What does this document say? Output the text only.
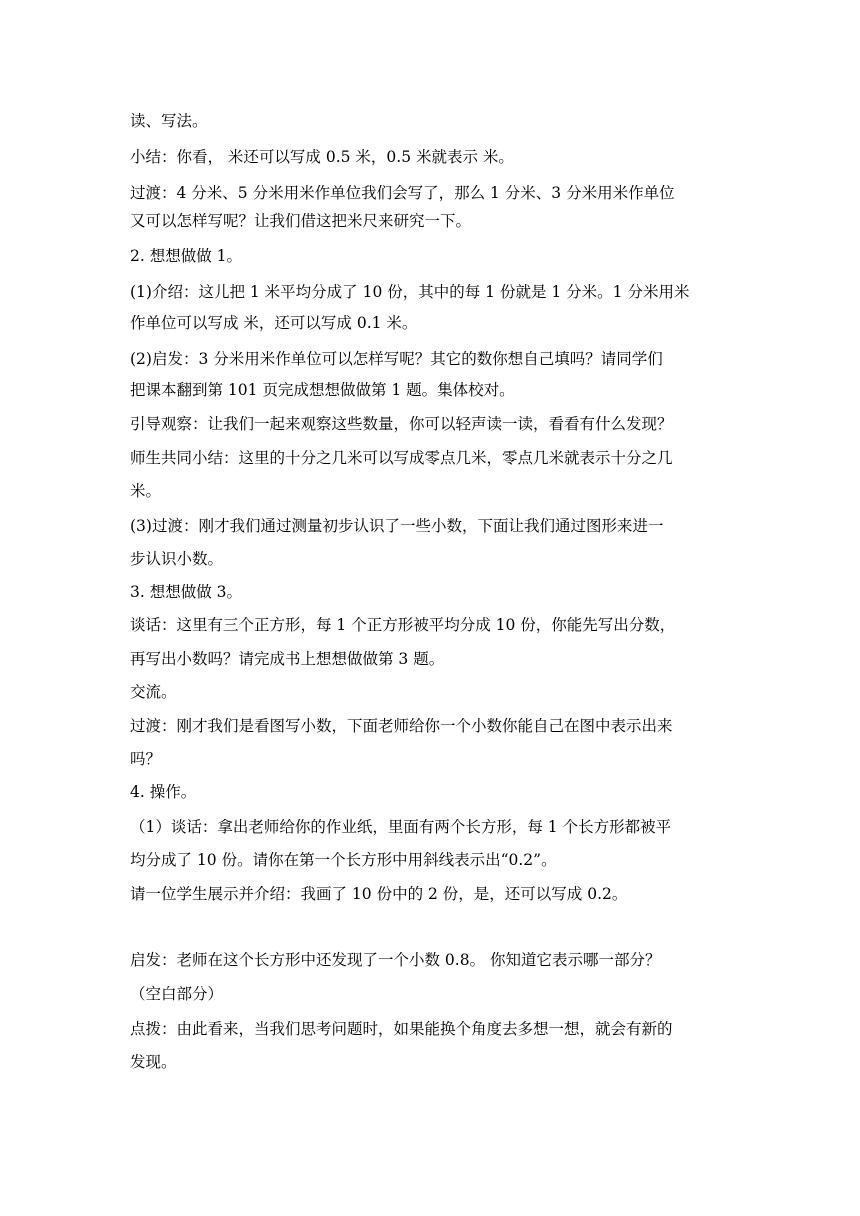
读、写法。
小结：你看， 米还可以写成 0.5 米，0.5 米就表示 米。
过渡：4 分米、5 分米用米作单位我们会写了，那么 1 分米、3 分米用米作单位
又可以怎样写呢？让我们借这把米尺来研究一下。
2. 想想做做 1。
(1)介绍：这儿把 1 米平均分成了 10 份，其中的每 1 份就是 1 分米。1 分米用米
作单位可以写成 米，还可以写成 0.1 米。
(2)启发：3 分米用米作单位可以怎样写呢？其它的数你想自己填吗？请同学们
把课本翻到第 101 页完成想想做做第 1 题。集体校对。
引导观察：让我们一起来观察这些数量，你可以轻声读一读，看看有什么发现？
师生共同小结：这里的十分之几米可以写成零点几米，零点几米就表示十分之几
米。
(3)过渡：刚才我们通过测量初步认识了一些小数，下面让我们通过图形来进一
步认识小数。
3. 想想做做 3。
谈话：这里有三个正方形，每 1 个正方形被平均分成 10 份，你能先写出分数，
再写出小数吗？请完成书上想想做做第 3 题。
交流。
过渡：刚才我们是看图写小数，下面老师给你一个小数你能自己在图中表示出来
吗？
4. 操作。
（1）谈话：拿出老师给你的作业纸，里面有两个长方形，每 1 个长方形都被平
均分成了 10 份。请你在第一个长方形中用斜线表示出“0.2”。
请一位学生展示并介绍：我画了 10 份中的 2 份，是，还可以写成 0.2。
启发：老师在这个长方形中还发现了一个小数 0.8。 你知道它表示哪一部分？
（空白部分）
点拨：由此看来，当我们思考问题时，如果能换个角度去多想一想，就会有新的
发现。
